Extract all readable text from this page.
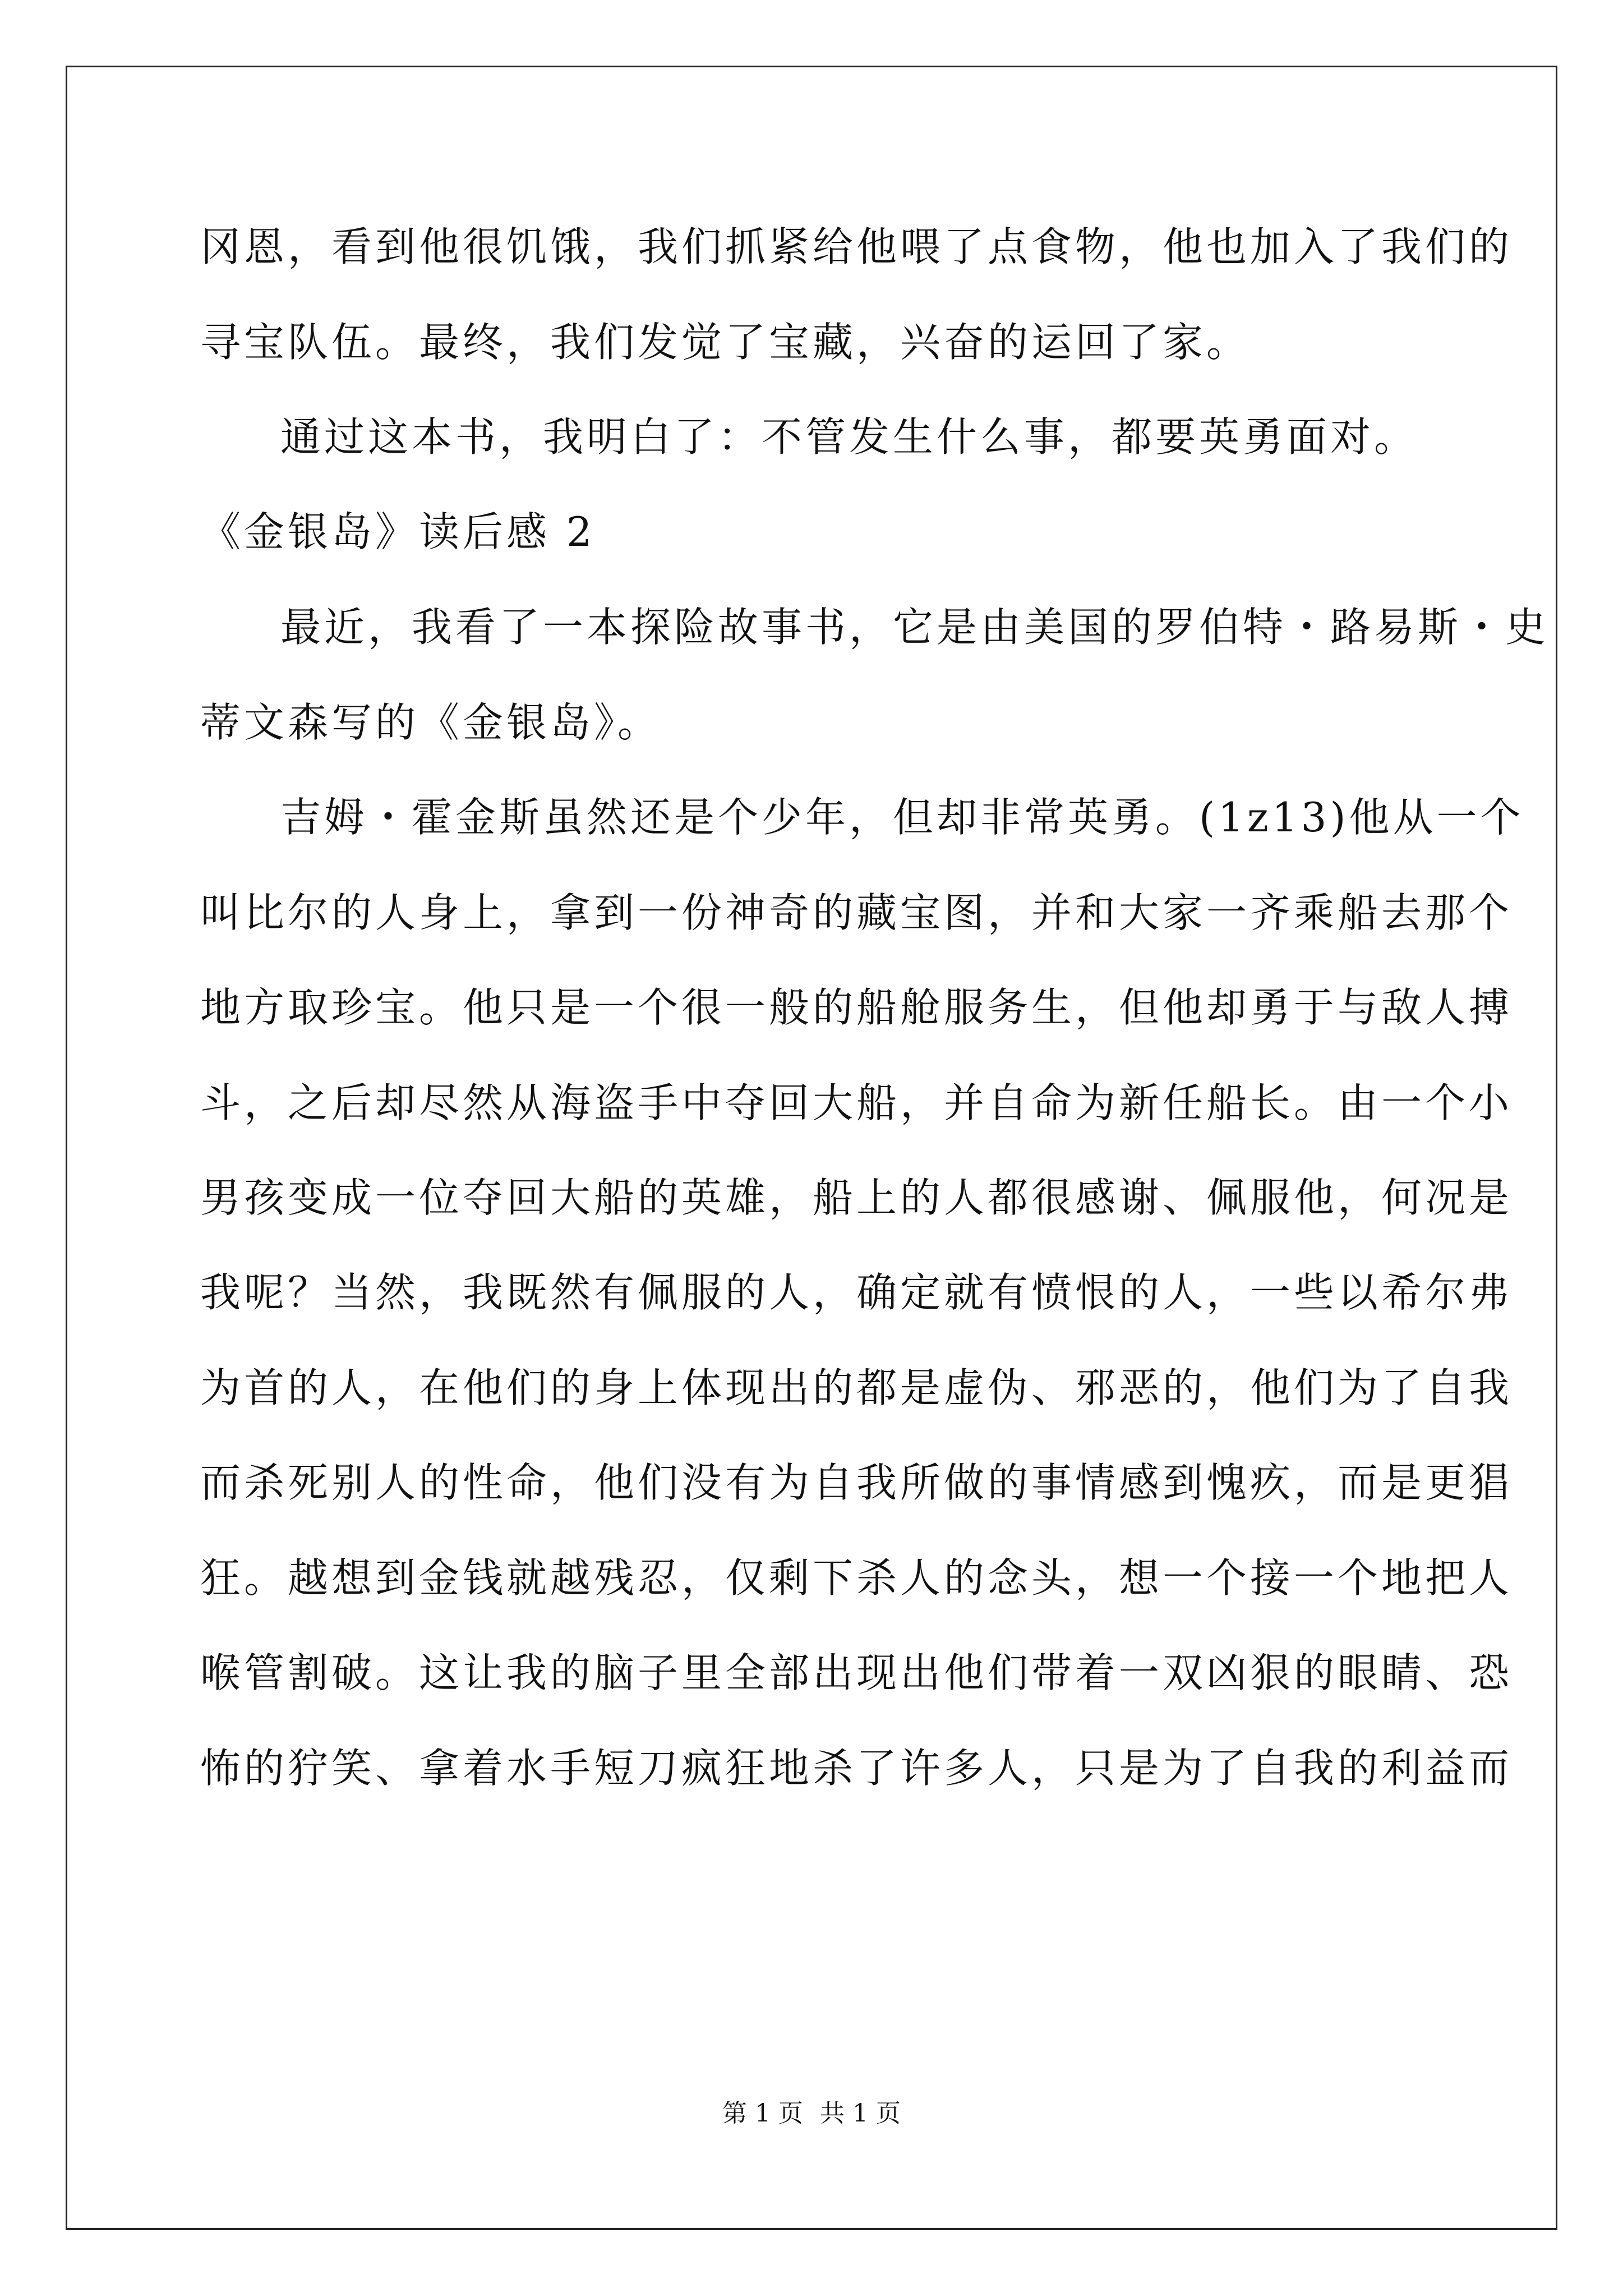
冈恩，看到他很饥饿，我们抓紧给他喂了点食物，他也加入了我们的
寻宝队伍。最终，我们发觉了宝藏，兴奋的运回了家。
通过这本书，我明白了：不管发生什么事，都要英勇面对。
《金银岛》读后感 2
最近，我看了一本探险故事书，它是由美国的罗伯特・路易斯・史
蒂文森写的《金银岛》。
吉姆・霍金斯虽然还是个少年，但却非常英勇。(1z13)他从一个
叫比尔的人身上，拿到一份神奇的藏宝图，并和大家一齐乘船去那个
地方取珍宝。他只是一个很一般的船舱服务生，但他却勇于与敌人搏
斗，之后却尽然从海盗手中夺回大船，并自命为新任船长。由一个小
男孩变成一位夺回大船的英雄，船上的人都很感谢、佩服他，何况是
我呢？当然，我既然有佩服的人，确定就有愤恨的人，一些以希尔弗
为首的人，在他们的身上体现出的都是虚伪、邪恶的，他们为了自我
而杀死别人的性命，他们没有为自我所做的事情感到愧疚，而是更猖
狂。越想到金钱就越残忍，仅剩下杀人的念头，想一个接一个地把人
喉管割破。这让我的脑子里全部出现出他们带着一双凶狠的眼睛、恐
怖的狞笑、拿着水手短刀疯狂地杀了许多人，只是为了自我的利益而
第 1 页 共 1 页
